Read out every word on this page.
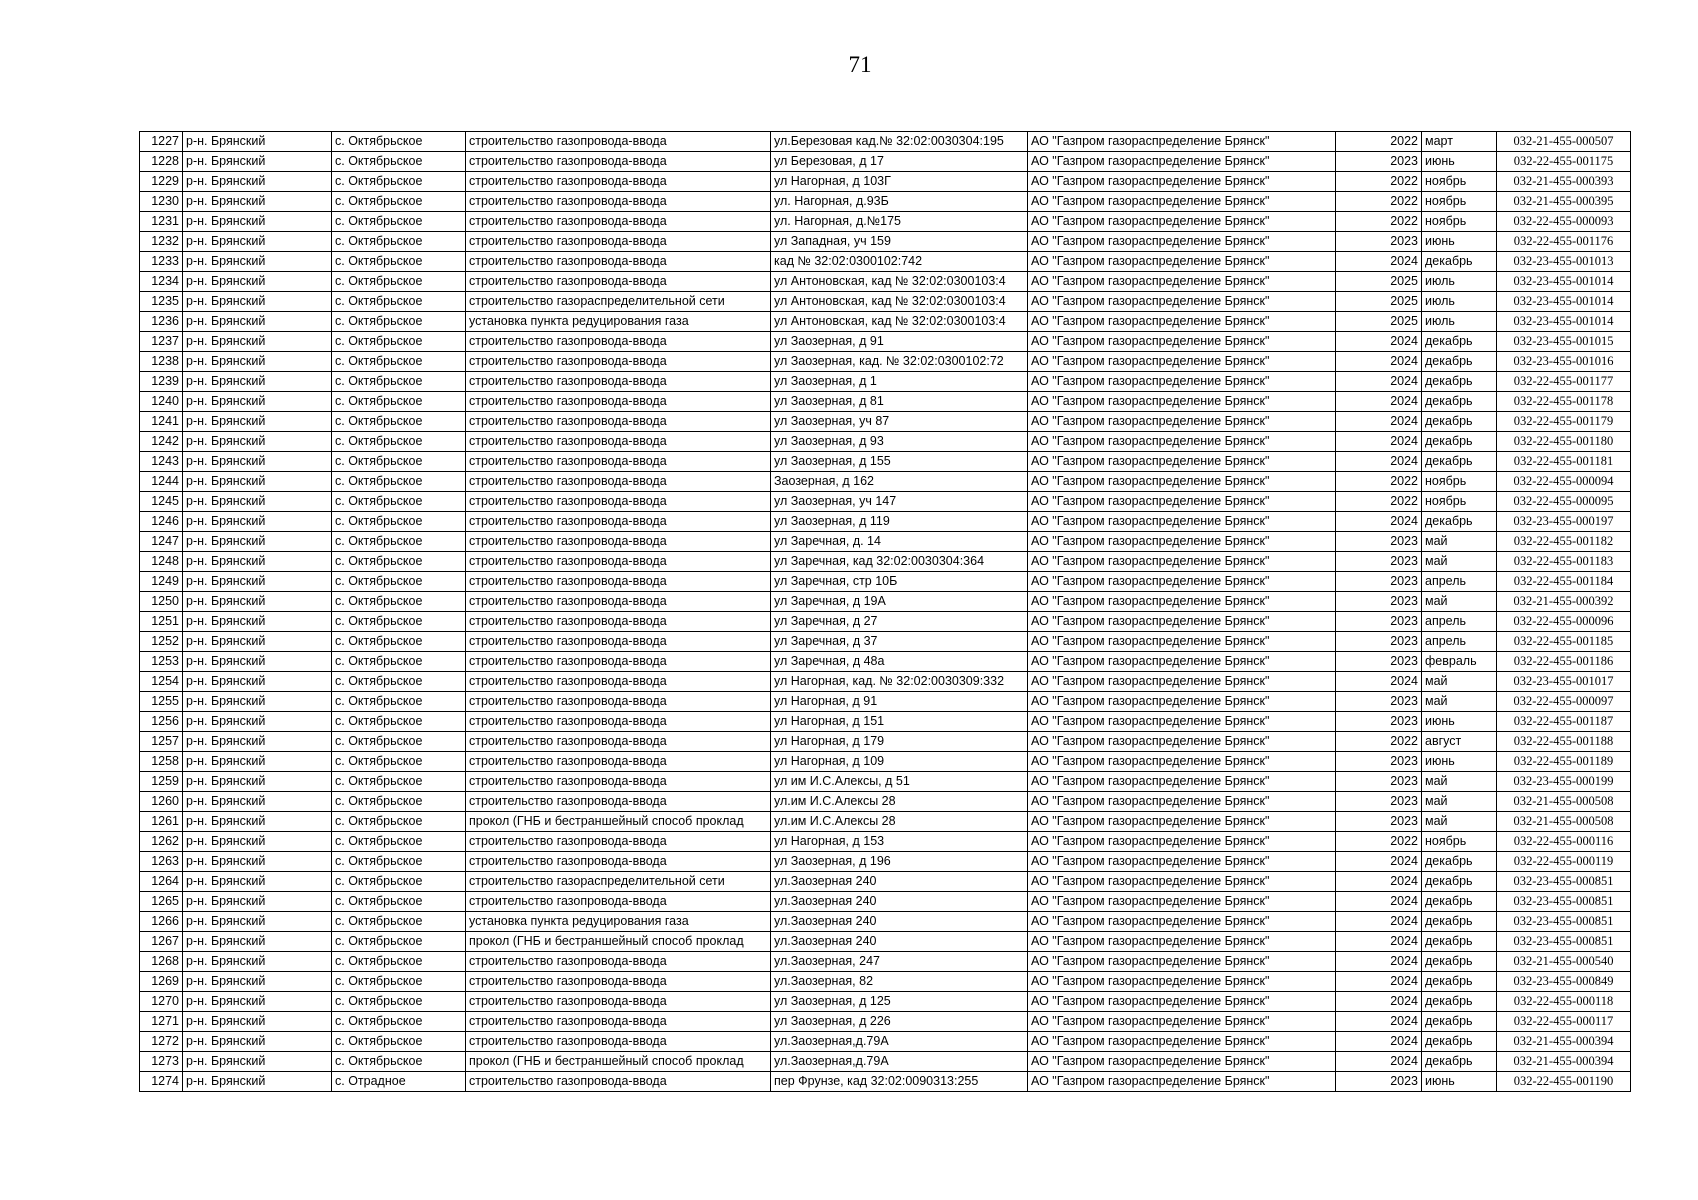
71
1227	р-н. Брянский	с. Октябрьское	строительство газопровода-ввода	ул.Березовая кад.№ 32:02:0030304:195	АО "Газпром газораспределение Брянск"	2022	март	032-21-455-000507
1228	р-н. Брянский	с. Октябрьское	строительство газопровода-ввода	ул Березовая, д 17	АО "Газпром газораспределение Брянск"	2023	июнь	032-22-455-001175
1229	р-н. Брянский	с. Октябрьское	строительство газопровода-ввода	ул Нагорная, д 103Г	АО "Газпром газораспределение Брянск"	2022	ноябрь	032-21-455-000393
1230	р-н. Брянский	с. Октябрьское	строительство газопровода-ввода	ул. Нагорная, д.93Б	АО "Газпром газораспределение Брянск"	2022	ноябрь	032-21-455-000395
1231	р-н. Брянский	с. Октябрьское	строительство газопровода-ввода	ул. Нагорная, д.№175	АО "Газпром газораспределение Брянск"	2022	ноябрь	032-22-455-000093
1232	р-н. Брянский	с. Октябрьское	строительство газопровода-ввода	ул Западная, уч 159	АО "Газпром газораспределение Брянск"	2023	июнь	032-22-455-001176
1233	р-н. Брянский	с. Октябрьское	строительство газопровода-ввода	кад № 32:02:0300102:742	АО "Газпром газораспределение Брянск"	2024	декабрь	032-23-455-001013
1234	р-н. Брянский	с. Октябрьское	строительство газопровода-ввода	ул Антоновская, кад № 32:02:0300103:4	АО "Газпром газораспределение Брянск"	2025	июль	032-23-455-001014
1235	р-н. Брянский	с. Октябрьское	строительство газораспределительной сети	ул Антоновская, кад № 32:02:0300103:4	АО "Газпром газораспределение Брянск"	2025	июль	032-23-455-001014
1236	р-н. Брянский	с. Октябрьское	установка пункта редуцирования газа	ул Антоновская, кад № 32:02:0300103:4	АО "Газпром газораспределение Брянск"	2025	июль	032-23-455-001014
1237	р-н. Брянский	с. Октябрьское	строительство газопровода-ввода	ул Заозерная, д 91	АО "Газпром газораспределение Брянск"	2024	декабрь	032-23-455-001015
1238	р-н. Брянский	с. Октябрьское	строительство газопровода-ввода	ул Заозерная, кад. № 32:02:0300102:72	АО "Газпром газораспределение Брянск"	2024	декабрь	032-23-455-001016
1239	р-н. Брянский	с. Октябрьское	строительство газопровода-ввода	ул Заозерная, д 1	АО "Газпром газораспределение Брянск"	2024	декабрь	032-22-455-001177
1240	р-н. Брянский	с. Октябрьское	строительство газопровода-ввода	ул Заозерная, д 81	АО "Газпром газораспределение Брянск"	2024	декабрь	032-22-455-001178
1241	р-н. Брянский	с. Октябрьское	строительство газопровода-ввода	ул Заозерная, уч 87	АО "Газпром газораспределение Брянск"	2024	декабрь	032-22-455-001179
1242	р-н. Брянский	с. Октябрьское	строительство газопровода-ввода	ул Заозерная, д 93	АО "Газпром газораспределение Брянск"	2024	декабрь	032-22-455-001180
1243	р-н. Брянский	с. Октябрьское	строительство газопровода-ввода	ул Заозерная, д 155	АО "Газпром газораспределение Брянск"	2024	декабрь	032-22-455-001181
1244	р-н. Брянский	с. Октябрьское	строительство газопровода-ввода	Заозерная, д 162	АО "Газпром газораспределение Брянск"	2022	ноябрь	032-22-455-000094
1245	р-н. Брянский	с. Октябрьское	строительство газопровода-ввода	ул Заозерная, уч 147	АО "Газпром газораспределение Брянск"	2022	ноябрь	032-22-455-000095
1246	р-н. Брянский	с. Октябрьское	строительство газопровода-ввода	ул Заозерная, д 119	АО "Газпром газораспределение Брянск"	2024	декабрь	032-23-455-000197
1247	р-н. Брянский	с. Октябрьское	строительство газопровода-ввода	ул Заречная, д. 14	АО "Газпром газораспределение Брянск"	2023	май	032-22-455-001182
1248	р-н. Брянский	с. Октябрьское	строительство газопровода-ввода	ул Заречная, кад 32:02:0030304:364	АО "Газпром газораспределение Брянск"	2023	май	032-22-455-001183
1249	р-н. Брянский	с. Октябрьское	строительство газопровода-ввода	ул Заречная, стр 10Б	АО "Газпром газораспределение Брянск"	2023	апрель	032-22-455-001184
1250	р-н. Брянский	с. Октябрьское	строительство газопровода-ввода	ул Заречная, д 19А	АО "Газпром газораспределение Брянск"	2023	май	032-21-455-000392
1251	р-н. Брянский	с. Октябрьское	строительство газопровода-ввода	ул Заречная, д 27	АО "Газпром газораспределение Брянск"	2023	апрель	032-22-455-000096
1252	р-н. Брянский	с. Октябрьское	строительство газопровода-ввода	ул Заречная, д 37	АО "Газпром газораспределение Брянск"	2023	апрель	032-22-455-001185
1253	р-н. Брянский	с. Октябрьское	строительство газопровода-ввода	ул Заречная, д 48а	АО "Газпром газораспределение Брянск"	2023	февраль	032-22-455-001186
1254	р-н. Брянский	с. Октябрьское	строительство газопровода-ввода	ул Нагорная, кад. № 32:02:0030309:332	АО "Газпром газораспределение Брянск"	2024	май	032-23-455-001017
1255	р-н. Брянский	с. Октябрьское	строительство газопровода-ввода	ул Нагорная, д 91	АО "Газпром газораспределение Брянск"	2023	май	032-22-455-000097
1256	р-н. Брянский	с. Октябрьское	строительство газопровода-ввода	ул Нагорная, д 151	АО "Газпром газораспределение Брянск"	2023	июнь	032-22-455-001187
1257	р-н. Брянский	с. Октябрьское	строительство газопровода-ввода	ул Нагорная, д 179	АО "Газпром газораспределение Брянск"	2022	август	032-22-455-001188
1258	р-н. Брянский	с. Октябрьское	строительство газопровода-ввода	ул Нагорная, д 109	АО "Газпром газораспределение Брянск"	2023	июнь	032-22-455-001189
1259	р-н. Брянский	с. Октябрьское	строительство газопровода-ввода	ул им И.С.Алексы, д 51	АО "Газпром газораспределение Брянск"	2023	май	032-23-455-000199
1260	р-н. Брянский	с. Октябрьское	строительство газопровода-ввода	ул.им И.С.Алексы 28	АО "Газпром газораспределение Брянск"	2023	май	032-21-455-000508
1261	р-н. Брянский	с. Октябрьское	прокол (ГНБ и бестраншейный способ проклад	ул.им И.С.Алексы 28	АО "Газпром газораспределение Брянск"	2023	май	032-21-455-000508
1262	р-н. Брянский	с. Октябрьское	строительство газопровода-ввода	ул Нагорная, д 153	АО "Газпром газораспределение Брянск"	2022	ноябрь	032-22-455-000116
1263	р-н. Брянский	с. Октябрьское	строительство газопровода-ввода	ул Заозерная, д 196	АО "Газпром газораспределение Брянск"	2024	декабрь	032-22-455-000119
1264	р-н. Брянский	с. Октябрьское	строительство газораспределительной сети	ул.Заозерная 240	АО "Газпром газораспределение Брянск"	2024	декабрь	032-23-455-000851
1265	р-н. Брянский	с. Октябрьское	строительство газопровода-ввода	ул.Заозерная 240	АО "Газпром газораспределение Брянск"	2024	декабрь	032-23-455-000851
1266	р-н. Брянский	с. Октябрьское	установка пункта редуцирования газа	ул.Заозерная 240	АО "Газпром газораспределение Брянск"	2024	декабрь	032-23-455-000851
1267	р-н. Брянский	с. Октябрьское	прокол (ГНБ и бестраншейный способ проклад	ул.Заозерная 240	АО "Газпром газораспределение Брянск"	2024	декабрь	032-23-455-000851
1268	р-н. Брянский	с. Октябрьское	строительство газопровода-ввода	ул.Заозерная, 247	АО "Газпром газораспределение Брянск"	2024	декабрь	032-21-455-000540
1269	р-н. Брянский	с. Октябрьское	строительство газопровода-ввода	ул.Заозерная, 82	АО "Газпром газораспределение Брянск"	2024	декабрь	032-23-455-000849
1270	р-н. Брянский	с. Октябрьское	строительство газопровода-ввода	ул Заозерная, д 125	АО "Газпром газораспределение Брянск"	2024	декабрь	032-22-455-000118
1271	р-н. Брянский	с. Октябрьское	строительство газопровода-ввода	ул Заозерная, д 226	АО "Газпром газораспределение Брянск"	2024	декабрь	032-22-455-000117
1272	р-н. Брянский	с. Октябрьское	строительство газопровода-ввода	ул.Заозерная,д.79А	АО "Газпром газораспределение Брянск"	2024	декабрь	032-21-455-000394
1273	р-н. Брянский	с. Октябрьское	прокол (ГНБ и бестраншейный способ проклад	ул.Заозерная,д.79А	АО "Газпром газораспределение Брянск"	2024	декабрь	032-21-455-000394
1274	р-н. Брянский	с. Отрадное	строительство газопровода-ввода	пер Фрунзе, кад 32:02:0090313:255	АО "Газпром газораспределение Брянск"	2023	июнь	032-22-455-001190
